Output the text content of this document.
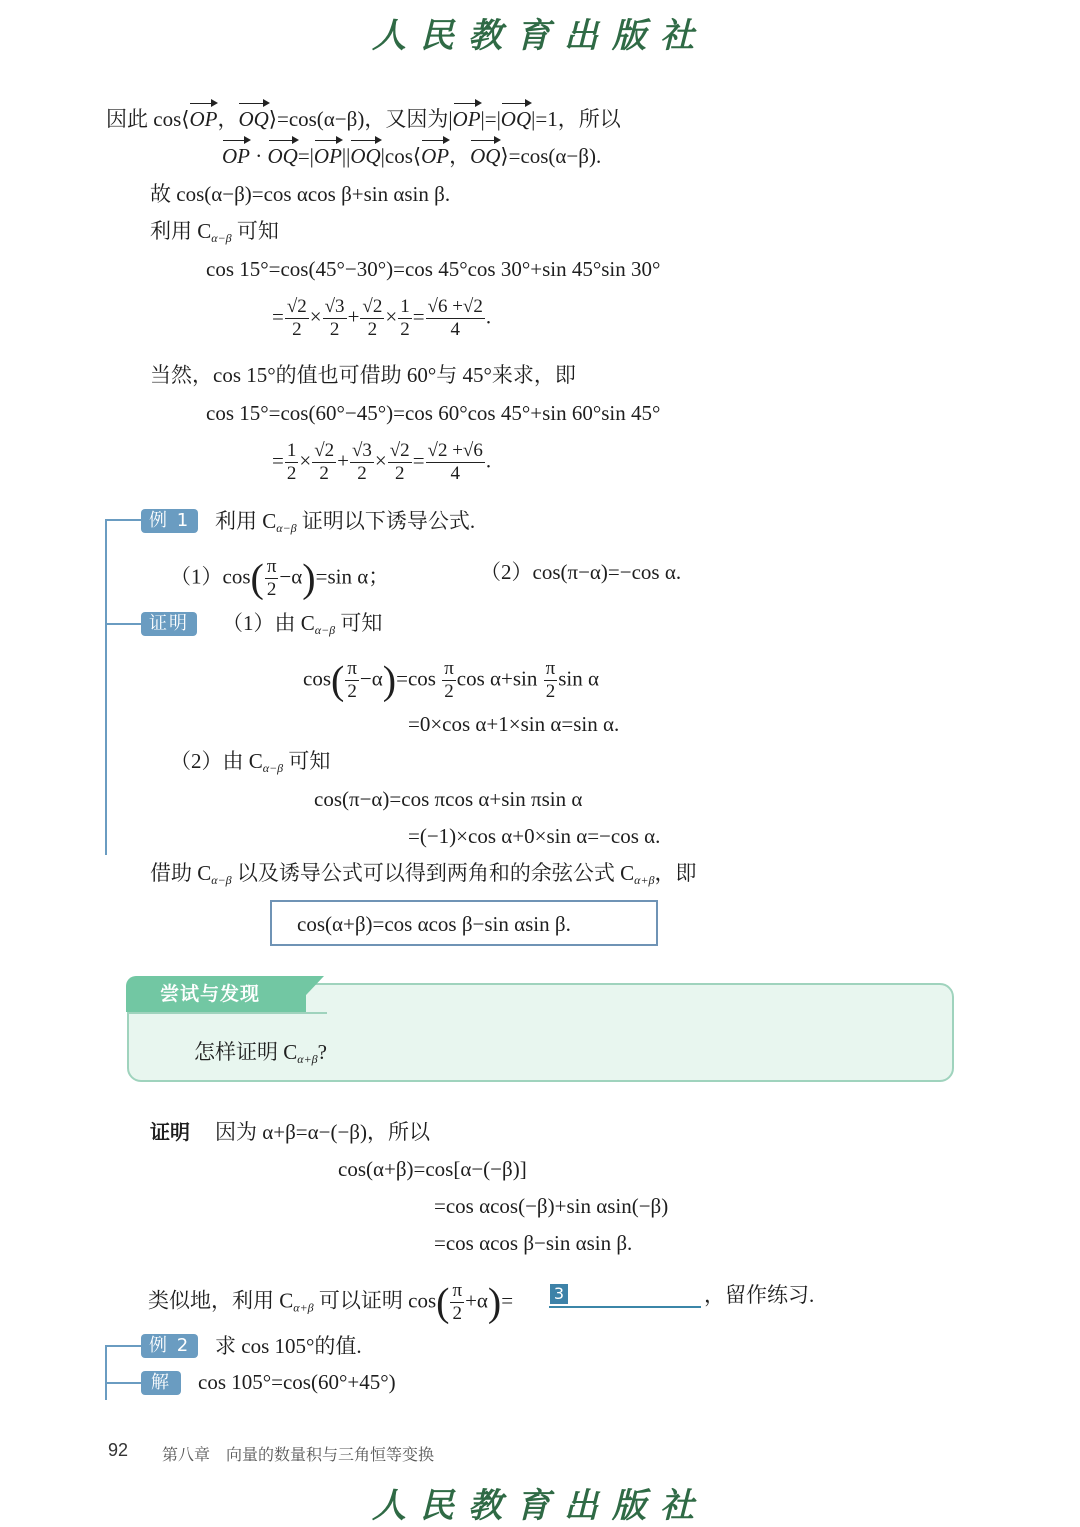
人民教育出版社
因此 cos⟨OP，OQ⟩=cos(α−β)，又因为|OP|=|OQ|=1，所以
OP · OQ=|OP||OQ|cos⟨OP，OQ⟩=cos(α−β).
故 cos(α−β)=cos αcos β+sin αsin β.
利用 $C_{\alpha-\beta}$ 可知
cos 15°=cos(45°−30°)=cos 45°cos 30°+sin 45°sin 30°
= $\frac{√2}{2} \times \frac{√3}{2} + \frac{√2}{2} \times \frac{1}{2} = \frac{√6 +√2}{4}$ .
当然，cos 15°的值也可借助 60°与 45°来求，即
cos 15°=cos(60°−45°)=cos 60°cos 45°+sin 60°sin 45°
= $\frac{1}{2} \times \frac{√2}{2} + \frac{√3}{2} \times \frac{√2}{2} = \frac{√2 +√6}{4}$ .
例 1	利用 $C_{\alpha-\beta}$ 证明以下诱导公式.
$(1)\cos( \frac{\pi}{2} -\alpha)=\sin$ α；	（2）cos(π−α)=−cos α.
证明	（1）由 $C_{\alpha-\beta}$ 可知
$\cos( \frac{\pi}{2} -\alpha)=\cos \frac{\pi}{2}$ $\cos \alpha+\sin \frac{\pi}{2}$ sin α
=0×cos α+1×sin α=sin α.
（2）由 $C_{\alpha-\beta}$ 可知
cos(π−α)=cos πcos α+sin πsin α
=(−1)×cos α+0×sin α=−cos α.
借助 $C_{\alpha-\beta}$ 以及诱导公式可以得到两角和的余弦公式 $C_{\alpha+\beta}$，即
cos(α+β)=cos αcos β−sin αsin β.
尝试与发现
怎样证明 $C_{\alpha+\beta}$?
证明 因为 α+β=α−(−β)，所以
cos(α+β)=cos[α−(−β)]
=cos αcos(−β)+sin αsin(−β)
=cos αcos β−sin αsin β.
类似地，利用 $C_{\alpha+\beta}$ 可以证明 $\cos( \frac{\pi}{2} +\alpha)=$	3	，留作练习.
例 2	求 cos 105°的值.
解	cos 105°=cos(60°+45°)
92 第八章　向量的数量积与三角恒等变换
人民教育出版社
